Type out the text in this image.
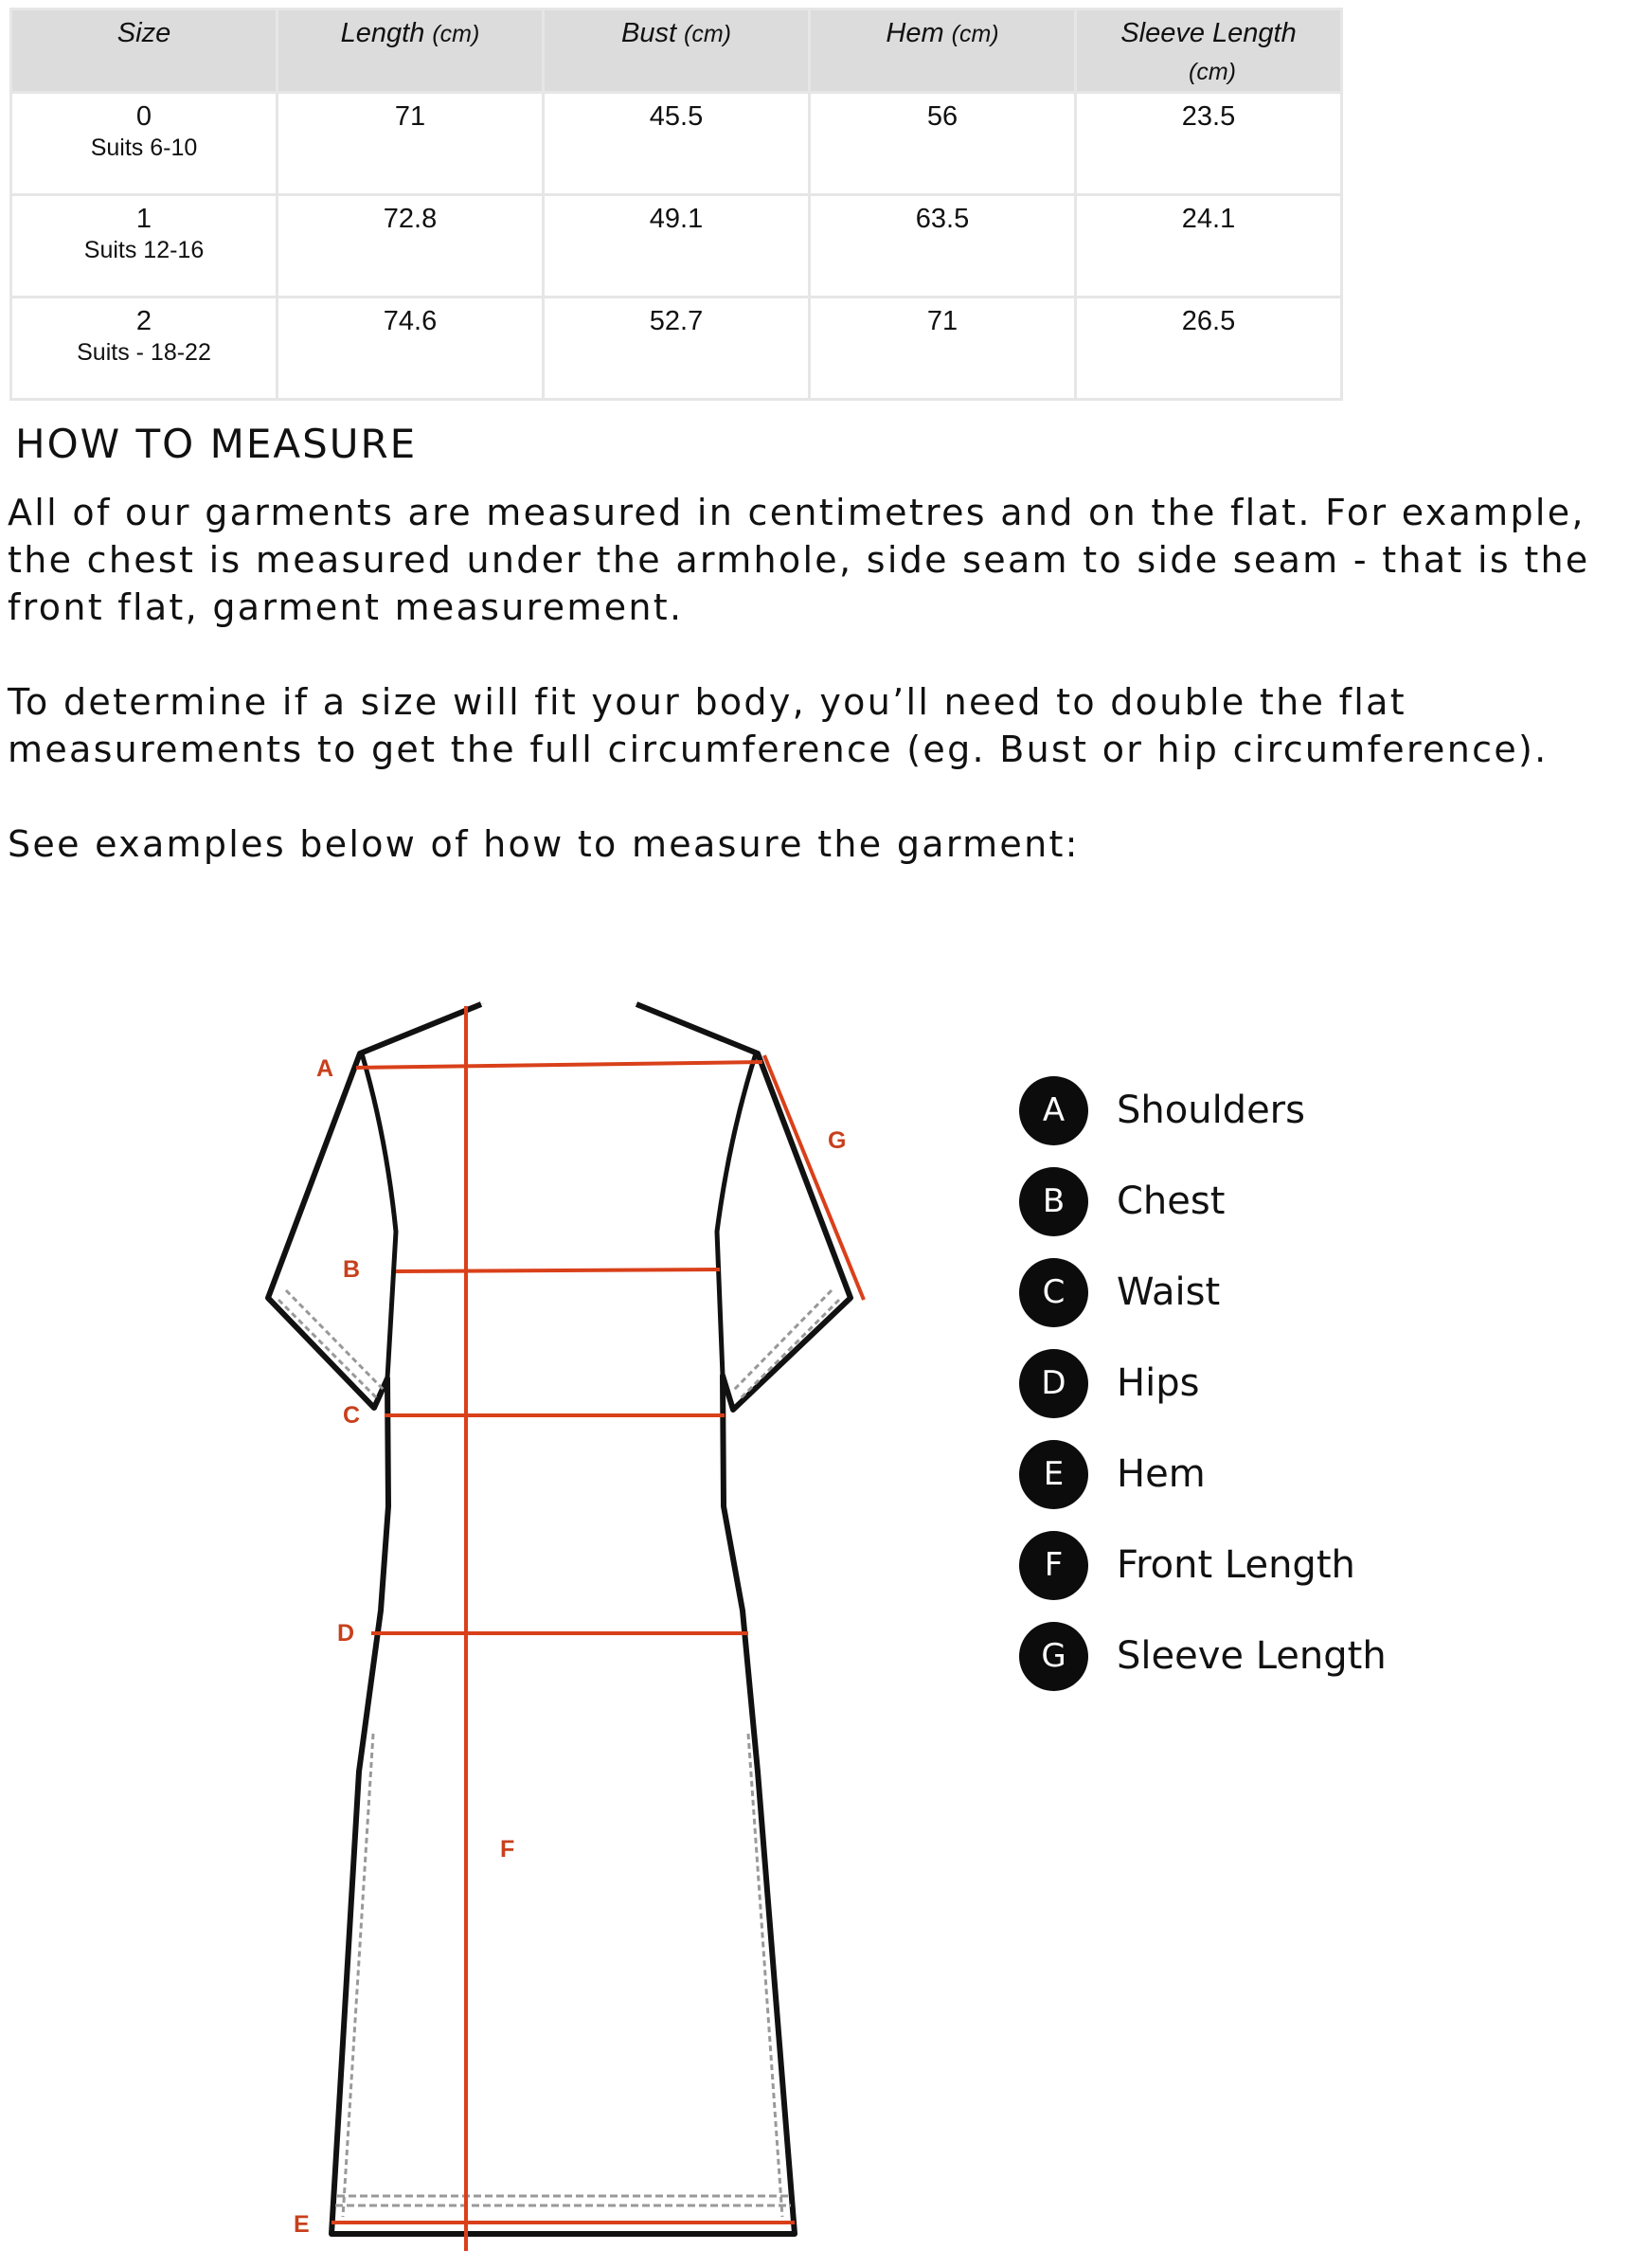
Size	Length (cm)	Bust (cm)	Hem (cm)	Sleeve Length
(cm)
0
Suits 6-10	71	45.5	56	23.5
1
Suits 12-16	72.8	49.1	63.5	24.1
2
Suits - 18-22	74.6	52.7	71	26.5
HOW TO MEASURE

All of our garments are measured in centimetres and on the flat. For example, the chest is measured under the armhole, side seam to side seam - that is the front flat, garment measurement.

To determine if a size will fit your body, you’ll need to double the flat measurements to get the full circumference (eg. Bust or hip circumference).

See examples below of how to measure the garment:

A
B
C
D
E
F
G
A	Shoulders
B	Chest
C	Waist
D	Hips
E	Hem
F	Front Length
G	Sleeve Length
